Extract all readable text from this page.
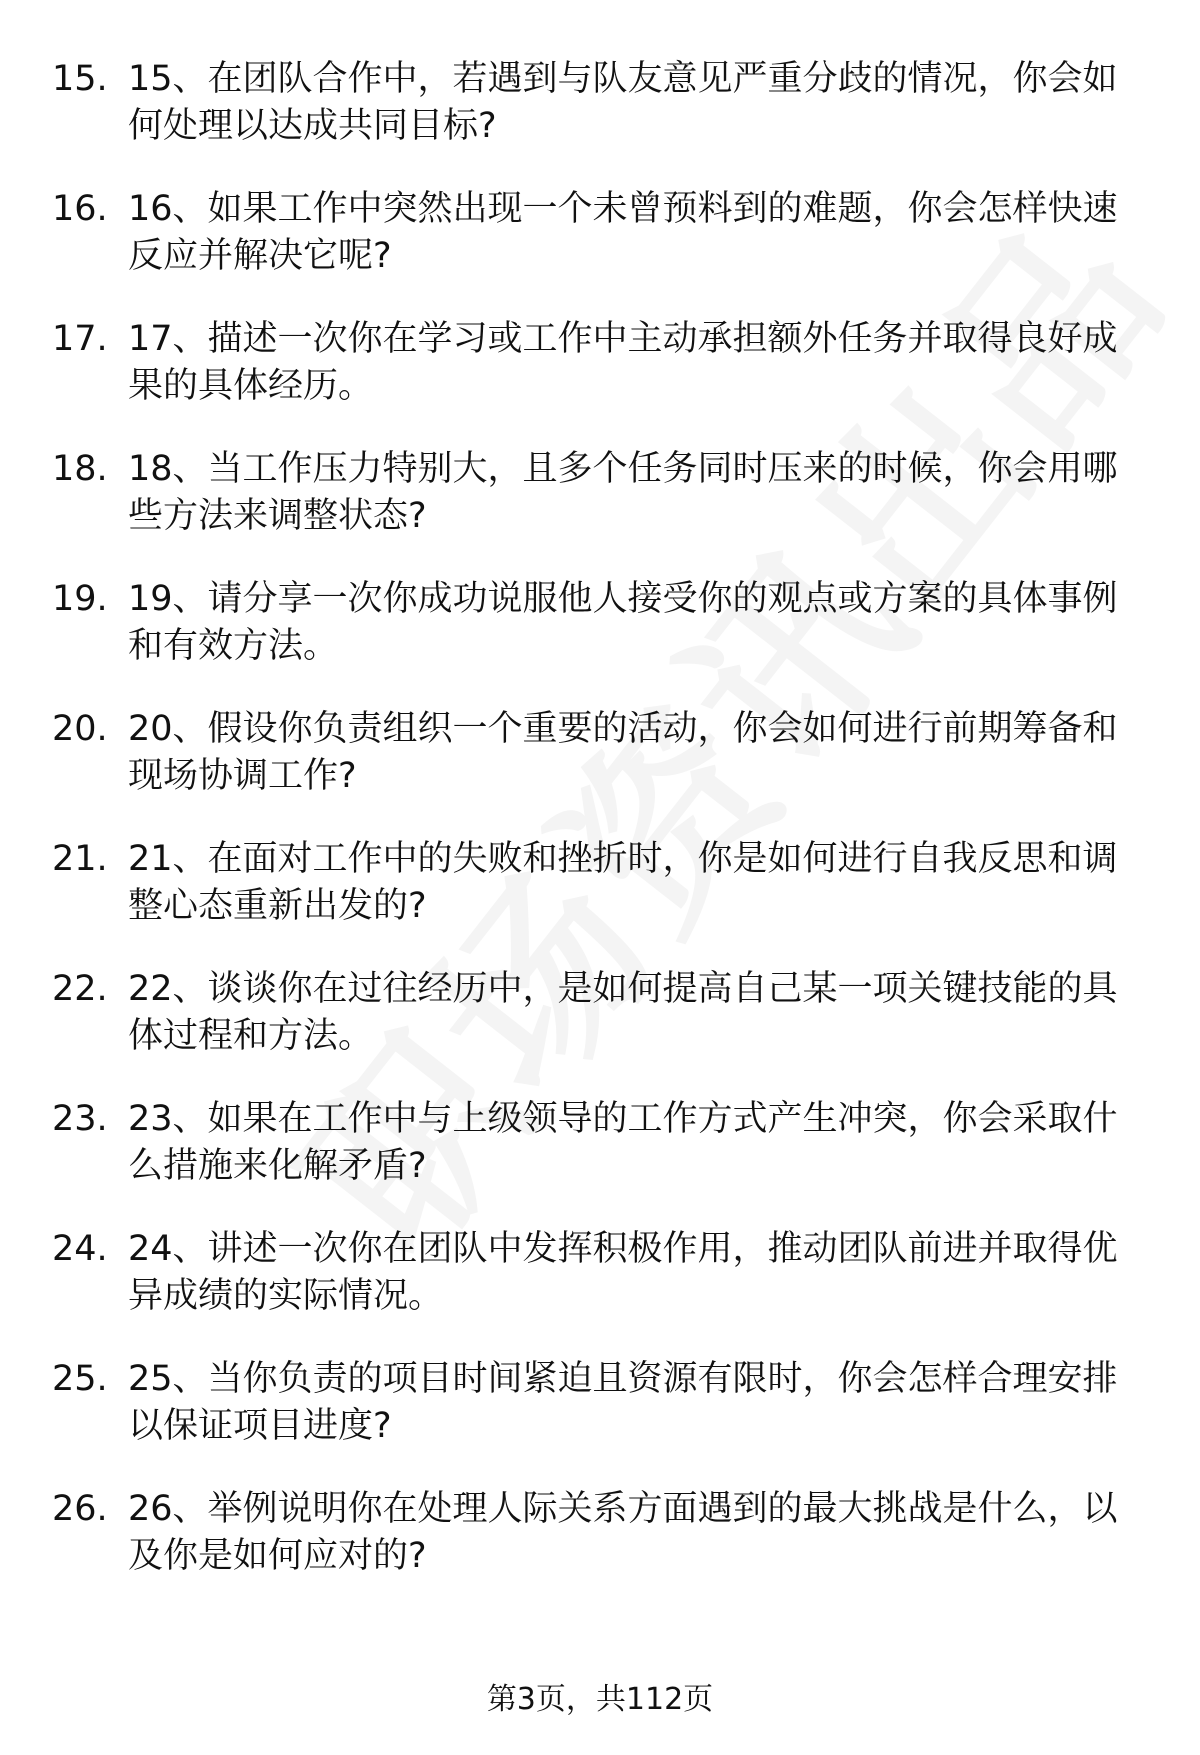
15. 15、在团队合作中，若遇到与队友意见严重分歧的情况，你会如何处理以达成共同目标?
16. 16、如果工作中突然出现一个未曾预料到的难题，你会怎样快速反应并解决它呢?
17. 17、描述一次你在学习或工作中主动承担额外任务并取得良好成果的具体经历。
18. 18、当工作压力特别大，且多个任务同时压来的时候，你会用哪些方法来调整状态?
19. 19、请分享一次你成功说服他人接受你的观点或方案的具体事例和有效方法。
20. 20、假设你负责组织一个重要的活动，你会如何进行前期筹备和现场协调工作?
21. 21、在面对工作中的失败和挫折时，你是如何进行自我反思和调整心态重新出发的?
22. 22、谈谈你在过往经历中，是如何提高自己某一项关键技能的具体过程和方法。
23. 23、如果在工作中与上级领导的工作方式产生冲突，你会采取什么措施来化解矛盾?
24. 24、讲述一次你在团队中发挥积极作用，推动团队前进并取得优异成绩的实际情况。
25. 25、当你负责的项目时间紧迫且资源有限时，你会怎样合理安排以保证项目进度?
26. 26、举例说明你在处理人际关系方面遇到的最大挑战是什么，以及你是如何应对的?
第3页，共112页
